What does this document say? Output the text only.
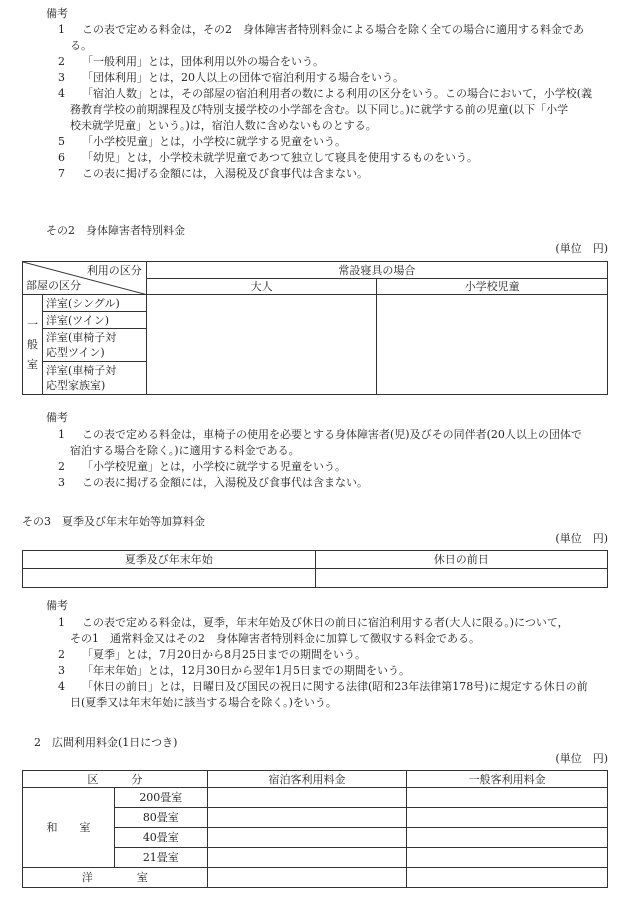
備考
1 この表で定める料金は，その2　身体障害者特別料金による場合を除く全ての場合に適用する料金であ
る。
2 「一般利用」とは，団体利用以外の場合をいう。
3 「団体利用」とは，20人以上の団体で宿泊利用する場合をいう。
4 「宿泊人数」とは，その部屋の宿泊利用者の数による利用の区分をいう。この場合において，小学校(義
務教育学校の前期課程及び特別支援学校の小学部を含む。以下同じ。)に就学する前の児童(以下「小学
校未就学児童」という。)は，宿泊人数に含めないものとする。
5 「小学校児童」とは，小学校に就学する児童をいう。
6 「幼児」とは，小学校未就学児童であつて独立して寝具を使用するものをいう。
7 この表に掲げる金額には，入湯税及び食事代は含まない。
その2　身体障害者特別料金
(単位　円)
利用の区分
部屋の区分		常設寝具の場合	
		大人	小学校児童

一
般
室	洋室(シングル)		
	洋室(ツイン)		

	洋室(車椅子対
応型ツイン)		

	洋室(車椅子対
応型家族室)		
備考
1 この表で定める料金は，車椅子の使用を必要とする身体障害者(児)及びその同伴者(20人以上の団体で
宿泊する場合を除く。)に適用する料金である。
2 「小学校児童」とは，小学校に就学する児童をいう。
3 この表に掲げる金額には，入湯税及び食事代は含まない。
その3　夏季及び年末年始等加算料金
(単位　円)
夏季及び年末年始	休日の前日

備考
1 この表で定める料金は，夏季，年末年始及び休日の前日に宿泊利用する者(大人に限る。)について，
その1　通常料金又はその2　身体障害者特別料金に加算して徴収する料金である。
2 「夏季」とは，7月20日から8月25日までの期間をいう。
3 「年末年始」とは，12月30日から翌年1月5日までの期間をいう。
4 「休日の前日」とは，日曜日及び国民の祝日に関する法律(昭和23年法律第178号)に規定する休日の前
日(夏季又は年末年始に該当する場合を除く。)をいう。
2　広間利用料金(1日につき)
(単位　円)
区　　　分		宿泊客利用料金	一般客利用料金
和　　室	200畳室		
	80畳室		
	40畳室		
	21畳室		
洋　　　　室			
